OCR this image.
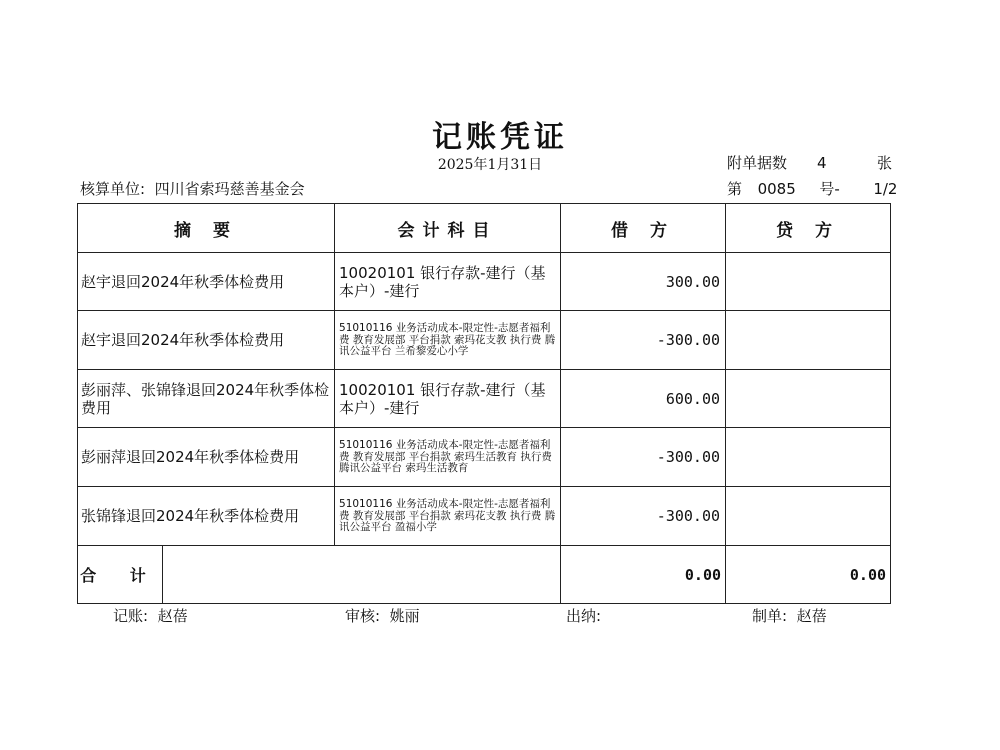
记账凭证
2025年1月31日	附单据数 4	张
核算单位: 四川省索玛慈善基金会	第 0085 号- 1/2
摘 要		会计科目	借 方	贷 方
赵宇退回2024年秋季体检费用		10020101 银行存款-建行（基本户）-建行	300.00	
赵宇退回2024年秋季体检费用		51010116 业务活动成本-限定性-志愿者福利费 教育发展部 平台捐款 索玛花支教 执行费 腾讯公益平台 兰希黎爱心小学	-300.00	
彭丽萍、张锦锋退回2024年秋季体检费用		10020101 银行存款-建行（基本户）-建行	600.00	
彭丽萍退回2024年秋季体检费用		51010116 业务活动成本-限定性-志愿者福利费 教育发展部 平台捐款 索玛生活教育 执行费 腾讯公益平台 索玛生活教育	-300.00	
张锦锋退回2024年秋季体检费用		51010116 业务活动成本-限定性-志愿者福利费 教育发展部 平台捐款 索玛花支教 执行费 腾讯公益平台 盈福小学	-300.00	
合 计			0.00	0.00
记账: 赵蓓	审核: 姚丽	出纳:	制单: 赵蓓
